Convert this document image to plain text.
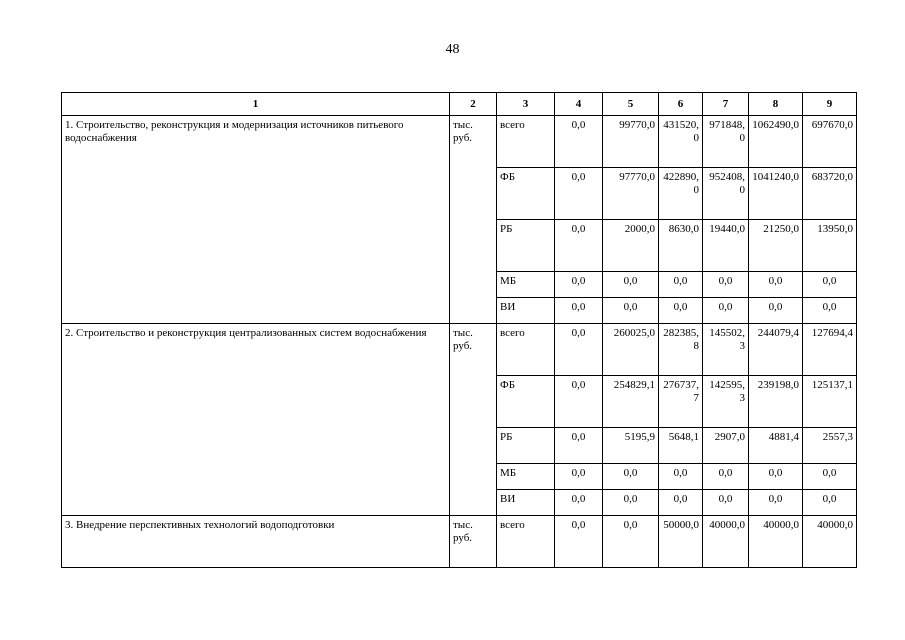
48
1	2	3	4	5	6	7	8	9
1. Строительство, реконструкция и модернизация источников питьевого водоснабжения	тыс. руб.	всего	0,0	99770,0	431520,0	971848,0	1062490,0	697670,0
		ФБ	0,0	97770,0	422890,0	952408,0	1041240,0	683720,0
		РБ	0,0	2000,0	8630,0	19440,0	21250,0	13950,0
		МБ	0,0	0,0	0,0	0,0	0,0	0,0
		ВИ	0,0	0,0	0,0	0,0	0,0	0,0
2. Строительство и реконструкция централизованных систем водоснабжения	тыс. руб.	всего	0,0	260025,0	282385,8	145502,3	244079,4	127694,4
		ФБ	0,0	254829,1	276737,7	142595,3	239198,0	125137,1
		РБ	0,0	5195,9	5648,1	2907,0	4881,4	2557,3
		МБ	0,0	0,0	0,0	0,0	0,0	0,0
		ВИ	0,0	0,0	0,0	0,0	0,0	0,0
3. Внедрение перспективных технологий водоподготовки	тыс. руб.	всего	0,0	0,0	50000,0	40000,0	40000,0	40000,0
